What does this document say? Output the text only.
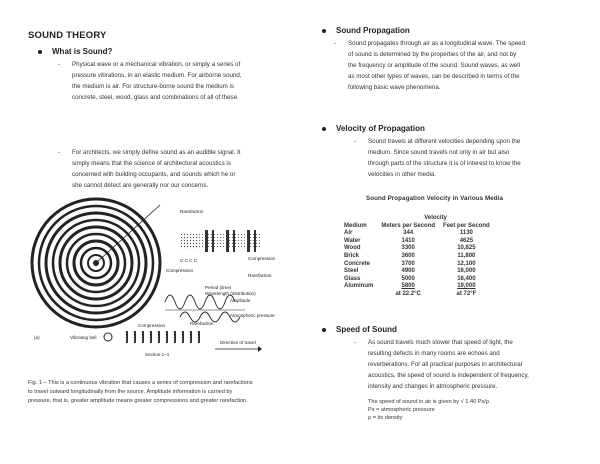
SOUND THEORY
What is Sound?
- Physical wave or a mechanical vibration, or simply a series of
pressure vibrations, in an elastic medium. For airborne sound,
the medium is air. For structure-borne sound the medium is
concrete, steel, wood, glass and combinations of all of these.
- For architects, we simply define sound as an audible signal. It
simply means that the science of architectural acoustics is
concerned with building occupants, and sounds which he or
she cannot detect are generally nor our concerns.
Rarefaction
Compression
Rarefaction
C C C C
Compression
Period (time)
Wavelength (distribution)
Amplitude
Atmospheric pressure
Rarefaction
Vibrating bell
Compression
Direction of travel
Section 1–1
(a)
Fig. 1 – This is a continuous vibration that causes a series of compression and rarefactions
to travel outward longitudinally from the source. Amplitude information is carried by
pressure, that is, greater amplitude means greater compressions and greater rarefaction.
Sound Propagation
- Sound propagates through air as a longitudinal wave. The speed
of sound is determined by the properties of the air, and not by
the frequency or amplitude of the sound. Sound waves, as well
as most other types of waves, can be described in terms of the
following basic wave phenomena.
Velocity of Propagation
- Sound travels at different velocities depending upon the
medium. Since sound travels not only in air but also
through parts of the structure it is of interest to know the
velocities in other media.
Sound Propagation Velocity in Various Media
	Velocity	
Medium	Meters per Second	Feet per Second
Air	344	1130
Water	1410	4625
Wood	3300	10,825
Brick	3600	11,800
Concrete	3700	12,100
Steel	4900	16,000
Glass	5000	16,400
Aluminum	5800	19,000
	at 22.2°C	at 72°F
Speed of Sound
- As sound travels much slower that speed of light, the
resulting defects in many rooms are echoes and
reverberations. For all practical purposes in architectural
acoustics, the speed of sound is independent of frequency,
intensity and changes in atmospheric pressure.
The speed of sound in air is given by √ 1.40 Ps/ρ
Ps = atmospheric pressure
ρ = its density
